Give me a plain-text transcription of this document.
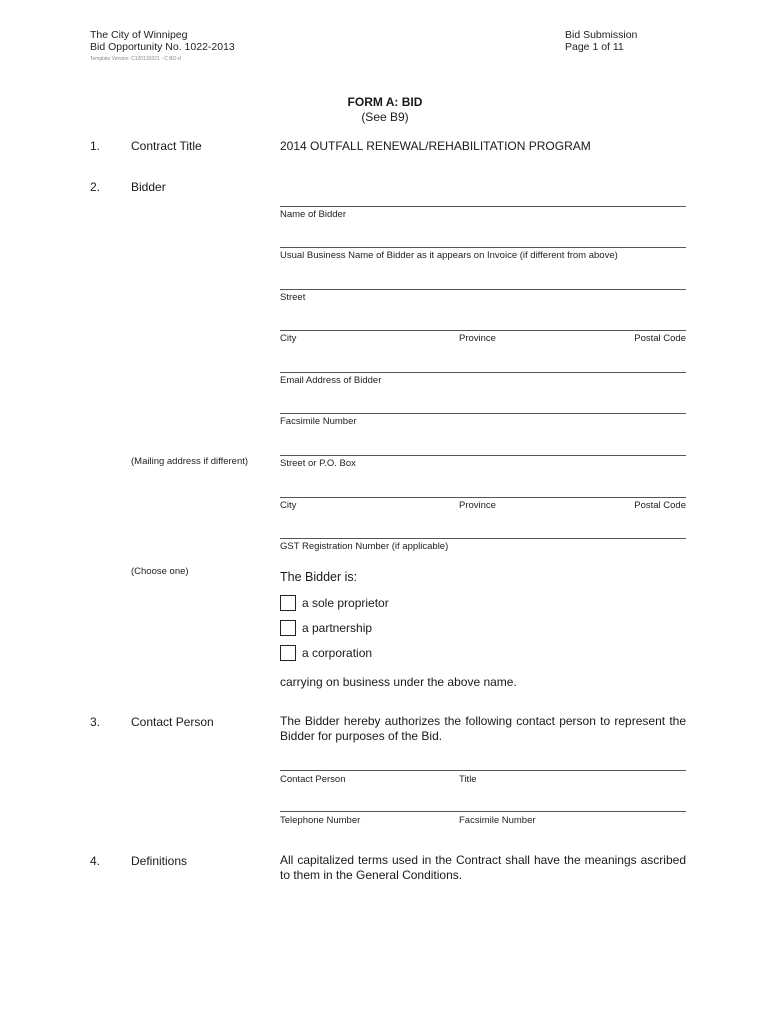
The City of Winnipeg
Bid Opportunity No. 1022-2013
Template Version: C120130321 - C BO-d
Bid Submission
Page 1 of 11
FORM A: BID
(See B9)
1.	Contract Title	2014 OUTFALL RENEWAL/REHABILITATION PROGRAM
2.	Bidder
Name of Bidder
Usual Business Name of Bidder as it appears on Invoice (if different from above)
Street
City	Province	Postal Code
Email Address of Bidder
Facsimile Number
(Mailing address if different)	Street or P.O. Box
City	Province	Postal Code
GST Registration Number (if applicable)
(Choose one)	The Bidder is:
a sole proprietor
a partnership
a corporation
carrying on business under the above name.
3.	Contact Person	The Bidder hereby authorizes the following contact person to represent the Bidder for purposes of the Bid.
Contact Person	Title
Telephone Number	Facsimile Number
4.	Definitions	All capitalized terms used in the Contract shall have the meanings ascribed to them in the General Conditions.
